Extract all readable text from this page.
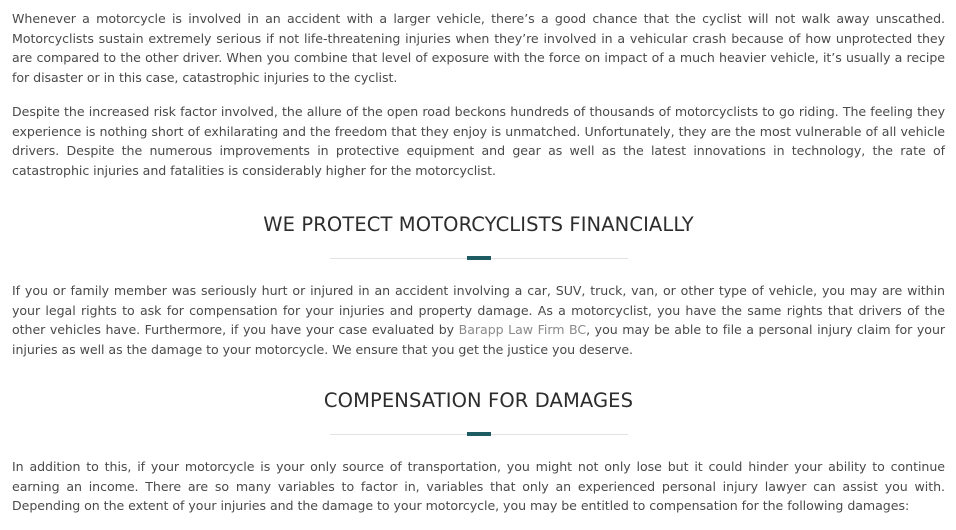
Whenever a motorcycle is involved in an accident with a larger vehicle, there’s a good chance that the cyclist will not walk away unscathed. Motorcyclists sustain extremely serious if not life-threatening injuries when they’re involved in a vehicular crash because of how unprotected they are compared to the other driver. When you combine that level of exposure with the force on impact of a much heavier vehicle, it’s usually a recipe for disaster or in this case, catastrophic injuries to the cyclist.

Despite the increased risk factor involved, the allure of the open road beckons hundreds of thousands of motorcyclists to go riding. The feeling they experience is nothing short of exhilarating and the freedom that they enjoy is unmatched. Unfortunately, they are the most vulnerable of all vehicle drivers. Despite the numerous improvements in protective equipment and gear as well as the latest innovations in technology, the rate of catastrophic injuries and fatalities is considerably higher for the motorcyclist.

WE PROTECT MOTORCYCLISTS FINANCIALLY

If you or family member was seriously hurt or injured in an accident involving a car, SUV, truck, van, or other type of vehicle, you may are within your legal rights to ask for compensation for your injuries and property damage. As a motorcyclist, you have the same rights that drivers of the other vehicles have. Furthermore, if you have your case evaluated by Barapp Law Firm BC, you may be able to file a personal injury claim for your injuries as well as the damage to your motorcycle. We ensure that you get the justice you deserve.

COMPENSATION FOR DAMAGES

In addition to this, if your motorcycle is your only source of transportation, you might not only lose but it could hinder your ability to continue earning an income. There are so many variables to factor in, variables that only an experienced personal injury lawyer can assist you with. Depending on the extent of your injuries and the damage to your motorcycle, you may be entitled to compensation for the following damages:
